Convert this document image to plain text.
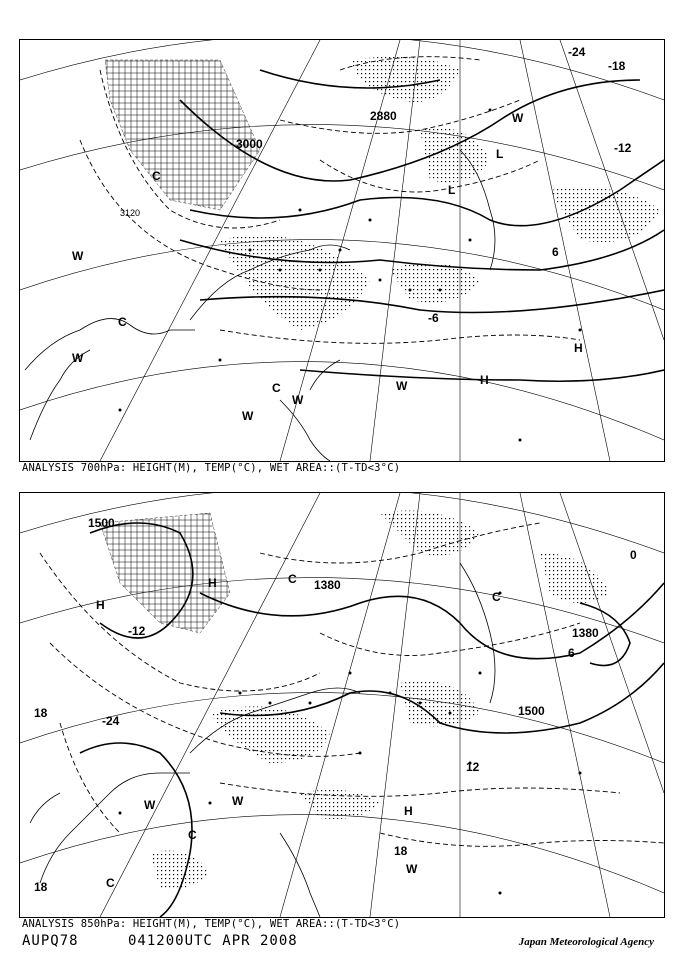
3000
2880
3120
-24
-18
-12
-6
6
L
L
H
H
W
W
W
W
W
W
C
C
C
ANALYSIS 700hPa: HEIGHT(M), TEMP(°C), WET AREA::(T-TD<3°C)
1500
1380
1500
1380
-12
-24
18
12
6
0
18
18
H
H
H
W
W
W
C
C
C
C
ANALYSIS 850hPa: HEIGHT(M), TEMP(°C), WET AREA::(T-TD<3°C)
AUPQ78	041200UTC APR 2008	Japan Meteorological Agency
